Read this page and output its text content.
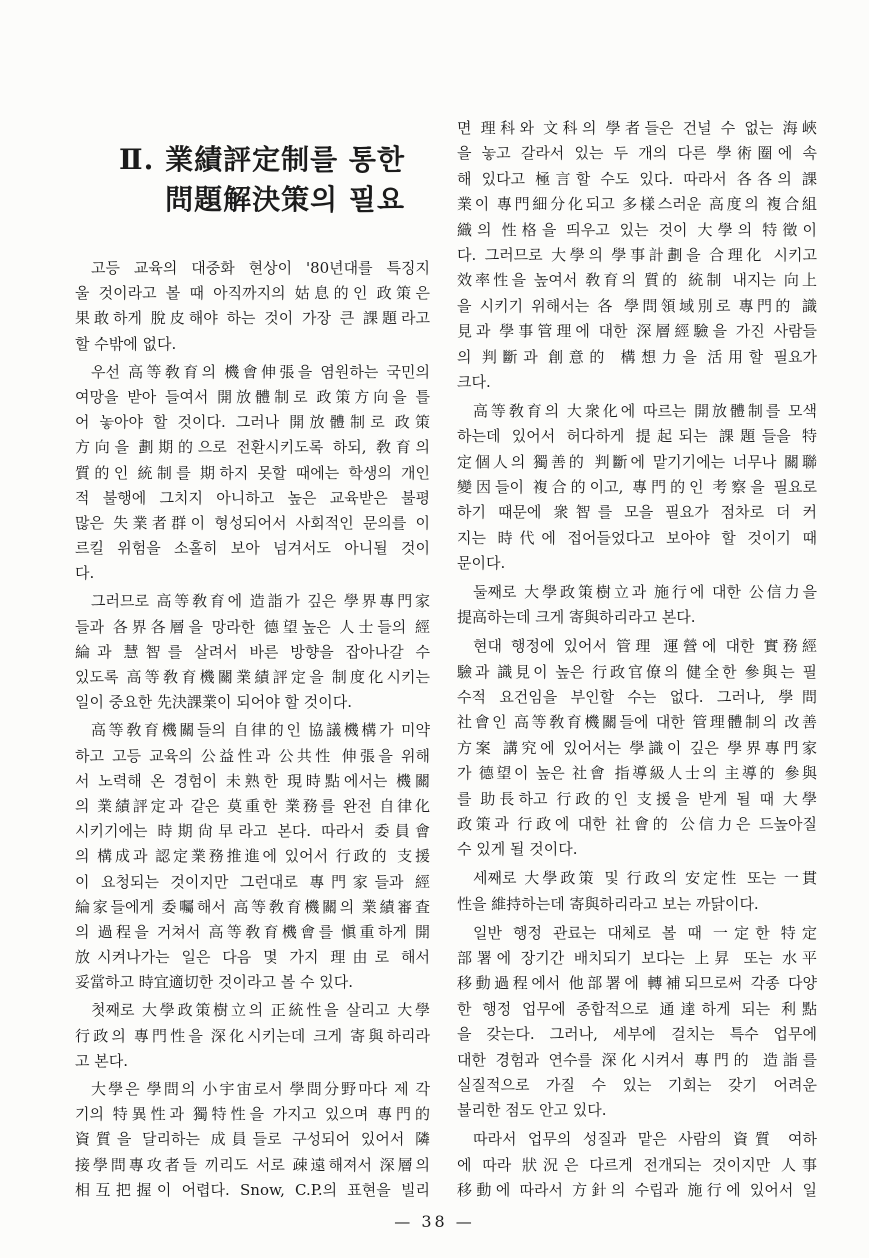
Ⅱ. 業績評定制를 통한
問題解決策의 필요
고등 교육의 대중화 현상이 '80년대를 특징지
울 것이라고 볼 때 아직까지의 姑息的인 政策은
果敢하게 脫皮해야 하는 것이 가장 큰 課題라고
할 수밖에 없다.
우선 高等敎育의 機會伸張을 염원하는 국민의
여망을 받아 들여서 開放體制로 政策方向을 틀
어 놓아야 할 것이다. 그러나 開放體制로 政策
方向을 劃期的으로 전환시키도록 하되, 敎育의
質的인 統制를 期하지 못할 때에는 학생의 개인
적 불행에 그치지 아니하고 높은 교육받은 불평
많은 失業者群이 형성되어서 사회적인 문의를 이
르킬 위험을 소홀히 보아 넘겨서도 아니될 것이
다.
그러므로 高等敎育에 造詣가 깊은 學界專門家
들과 各界各層을 망라한 德望높은 人士들의 經
綸과 慧智를 살려서 바른 방향을 잡아나갈 수
있도록 高等敎育機關業績評定을 制度化시키는
일이 중요한 先決課業이 되어야 할 것이다.
高等敎育機關들의 自律的인 協議機構가 미약
하고 고등 교육의 公益性과 公共性 伸張을 위해
서 노력해 온 경험이 未熟한 現時點에서는 機關
의 業績評定과 같은 莫重한 業務를 완전 自律化
시키기에는 時期尙早라고 본다. 따라서 委員會
의 構成과 認定業務推進에 있어서 行政的 支援
이 요청되는 것이지만 그런대로 專門家들과 經
綸家들에게 委囑해서 高等敎育機關의 業績審査
의 過程을 거쳐서 高等敎育機會를 愼重하게 開
放시켜나가는 일은 다음 몇 가지 理由로 해서
妥當하고 時宜適切한 것이라고 볼 수 있다.
첫째로 大學政策樹立의 正統性을 살리고 大學
行政의 專門性을 深化시키는데 크게 寄與하리라
고 본다.
大學은 學問의 小宇宙로서 學問分野마다 제 각
기의 特異性과 獨特性을 가지고 있으며 專門的
資質을 달리하는 成員들로 구성되어 있어서 隣
接學問專攻者들 끼리도 서로 疎遠해져서 深層의
相互把握이 어렵다. Snow, C.P.의 표현을 빌리
면 理科와 文科의 學者들은 건널 수 없는 海峽
을 놓고 갈라서 있는 두 개의 다른 學術圈에 속
해 있다고 極言할 수도 있다. 따라서 各各의 課
業이 專門細分化되고 多樣스러운 高度의 複合組
織의 性格을 띄우고 있는 것이 大學의 特徵이
다. 그러므로 大學의 學事計劃을 合理化 시키고
效率性을 높여서 敎育의 質的 統制 내지는 向上
을 시키기 위해서는 各 學問領域別로 專門的 識
見과 學事管理에 대한 深層經驗을 가진 사람들
의 判斷과 創意的 構想力을 活用할 필요가
크다.
高等敎育의 大衆化에 따르는 開放體制를 모색
하는데 있어서 허다하게 提起되는 課題들을 特
定個人의 獨善的 判斷에 맡기기에는 너무나 關聯
變因들이 複合的이고, 專門的인 考察을 필요로
하기 때문에 衆智를 모을 필요가 점차로 더 커
지는 時代에 접어들었다고 보아야 할 것이기 때
문이다.
둘째로 大學政策樹立과 施行에 대한 公信力을
提高하는데 크게 寄與하리라고 본다.
현대 행정에 있어서 管理 運營에 대한 實務經
驗과 識見이 높은 行政官僚의 健全한 參與는 필
수적 요건임을 부인할 수는 없다. 그러나, 學問
社會인 高等敎育機關들에 대한 管理體制의 改善
方案 講究에 있어서는 學識이 깊은 學界專門家
가 德望이 높은 社會 指導級人士의 主導的 參與
를 助長하고 行政的인 支援을 받게 될 때 大學
政策과 行政에 대한 社會的 公信力은 드높아질
수 있게 될 것이다.
세째로 大學政策 및 行政의 安定性 또는 一貫
性을 維持하는데 寄與하리라고 보는 까닭이다.
일반 행정 관료는 대체로 볼 때 一定한 特定
部署에 장기간 배치되기 보다는 上昇 또는 水平
移動過程에서 他部署에 轉補되므로써 각종 다양
한 행정 업무에 종합적으로 通達하게 되는 利點
을 갖는다. 그러나, 세부에 걸치는 특수 업무에
대한 경험과 연수를 深化시켜서 專門的 造詣를
실질적으로 가질 수 있는 기회는 갖기 어려운
불리한 점도 안고 있다.
따라서 업무의 성질과 맡은 사람의 資質 여하
에 따라 狀況은 다르게 전개되는 것이지만 人事
移動에 따라서 方針의 수립과 施行에 있어서 일
— 38 —
